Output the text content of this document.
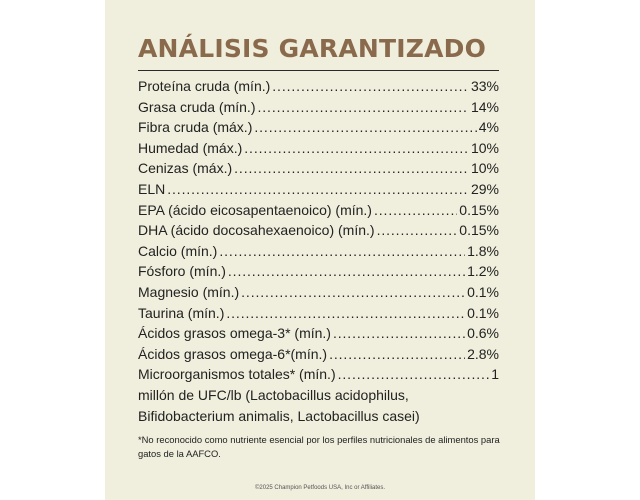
ANÁLISIS GARANTIZADO
Proteína cruda (mín.) . . .	33%
Grasa cruda (mín.) . . .	14%
Fibra cruda (máx.) . . .	4%
Humedad (máx.) . . .	10%
Cenizas (máx.) . . .	10%
ELN . . .	29%
EPA (ácido eicosapentaenoico) (mín.) . . .	0.15%
DHA (ácido docosahexaenoico) (mín.) . . .	0.15%
Calcio (mín.) . . .	1.8%
Fósforo (mín.) . . .	1.2%
Magnesio (mín.) . . .	0.1%
Taurina (mín.) . . .	0.1%
Ácidos grasos omega-3* (mín.) . . .	0.6%
Ácidos grasos omega-6*(mín.) . . .	2.8%
Microorganismos totales* (mín.) . . .	1

millón de UFC/lb (Lactobacillus acidophilus, Bifidobacterium animalis, Lactobacillus casei)

*No reconocido como nutriente esencial por los perfiles nutricionales de alimentos para gatos de la AAFCO.

©2025 Champion Petfoods USA, Inc or Affiliates.
